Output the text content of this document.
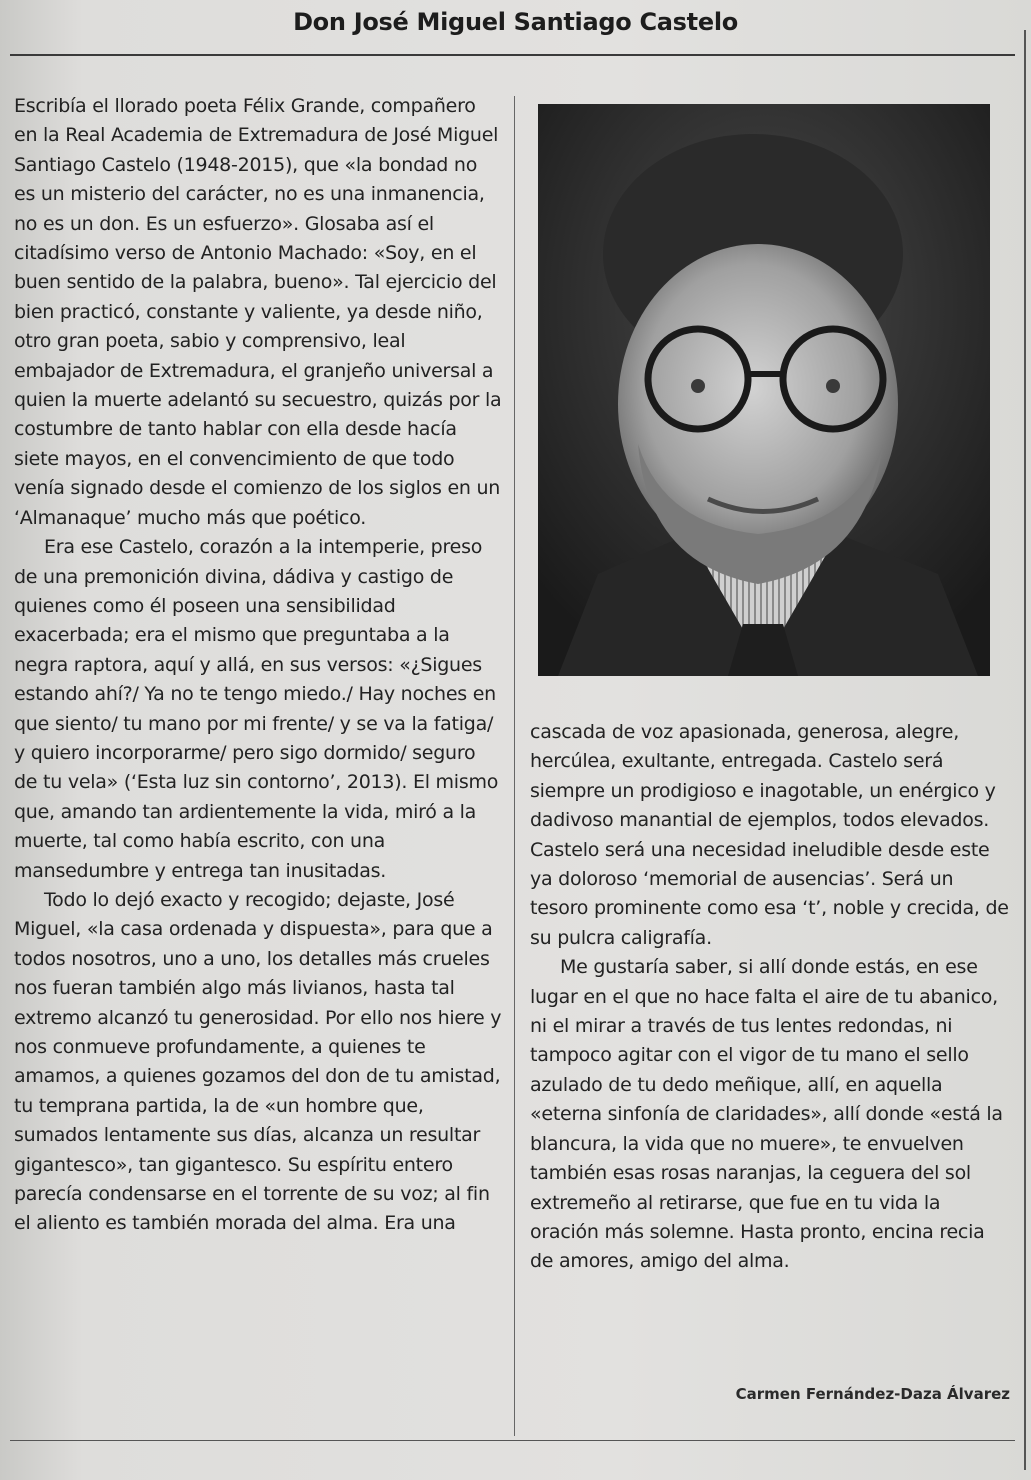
Don José Miguel Santiago Castelo

Escribía el llorado poeta Félix Grande, compañero en la Real Academia de Extremadura de José Miguel Santiago Castelo (1948-2015), que «la bondad no es un misterio del carácter, no es una inmanencia, no es un don. Es un esfuerzo». Glosaba así el citadísimo verso de Antonio Machado: «Soy, en el buen sentido de la palabra, bueno». Tal ejercicio del bien practicó, constante y valiente, ya desde niño, otro gran poeta, sabio y comprensivo, leal embajador de Extremadura, el granjeño universal a quien la muerte adelantó su secuestro, quizás por la costumbre de tanto hablar con ella desde hacía siete mayos, en el convencimiento de que todo venía signado desde el comienzo de los siglos en un ‘Almanaque’ mucho más que poético.

Era ese Castelo, corazón a la intemperie, preso de una premonición divina, dádiva y castigo de quienes como él poseen una sensibilidad exacerbada; era el mismo que preguntaba a la negra raptora, aquí y allá, en sus versos: «¿Sigues estando ahí?/ Ya no te tengo miedo./ Hay noches en que siento/ tu mano por mi frente/ y se va la fatiga/ y quiero incorporarme/ pero sigo dormido/ seguro de tu vela» (‘Esta luz sin contorno’, 2013). El mismo que, amando tan ardientemente la vida, miró a la muerte, tal como había escrito, con una mansedumbre y entrega tan inusitadas.

Todo lo dejó exacto y recogido; dejaste, José Miguel, «la casa ordenada y dispuesta», para que a todos nosotros, uno a uno, los detalles más crueles nos fueran también algo más livianos, hasta tal extremo alcanzó tu generosidad. Por ello nos hiere y nos conmueve profundamente, a quienes te amamos, a quienes gozamos del don de tu amistad, tu temprana partida, la de «un hombre que, sumados lentamente sus días, alcanza un resultar gigantesco», tan gigantesco. Su espíritu entero parecía condensarse en el torrente de su voz; al fin el aliento es también morada del alma. Era una

cascada de voz apasionada, generosa, alegre, hercúlea, exultante, entregada. Castelo será siempre un prodigioso e inagotable, un enérgico y dadivoso manantial de ejemplos, todos elevados. Castelo será una necesidad ineludible desde este ya doloroso ‘memorial de ausencias’. Será un tesoro prominente como esa ‘t’, noble y crecida, de su pulcra caligrafía.

Me gustaría saber, si allí donde estás, en ese lugar en el que no hace falta el aire de tu abanico, ni el mirar a través de tus lentes redondas, ni tampoco agitar con el vigor de tu mano el sello azulado de tu dedo meñique, allí, en aquella «eterna sinfonía de claridades», allí donde «está la blancura, la vida que no muere», te envuelven también esas rosas naranjas, la ceguera del sol extremeño al retirarse, que fue en tu vida la oración más solemne. Hasta pronto, encina recia de amores, amigo del alma.

Carmen Fernández-Daza Álvarez
